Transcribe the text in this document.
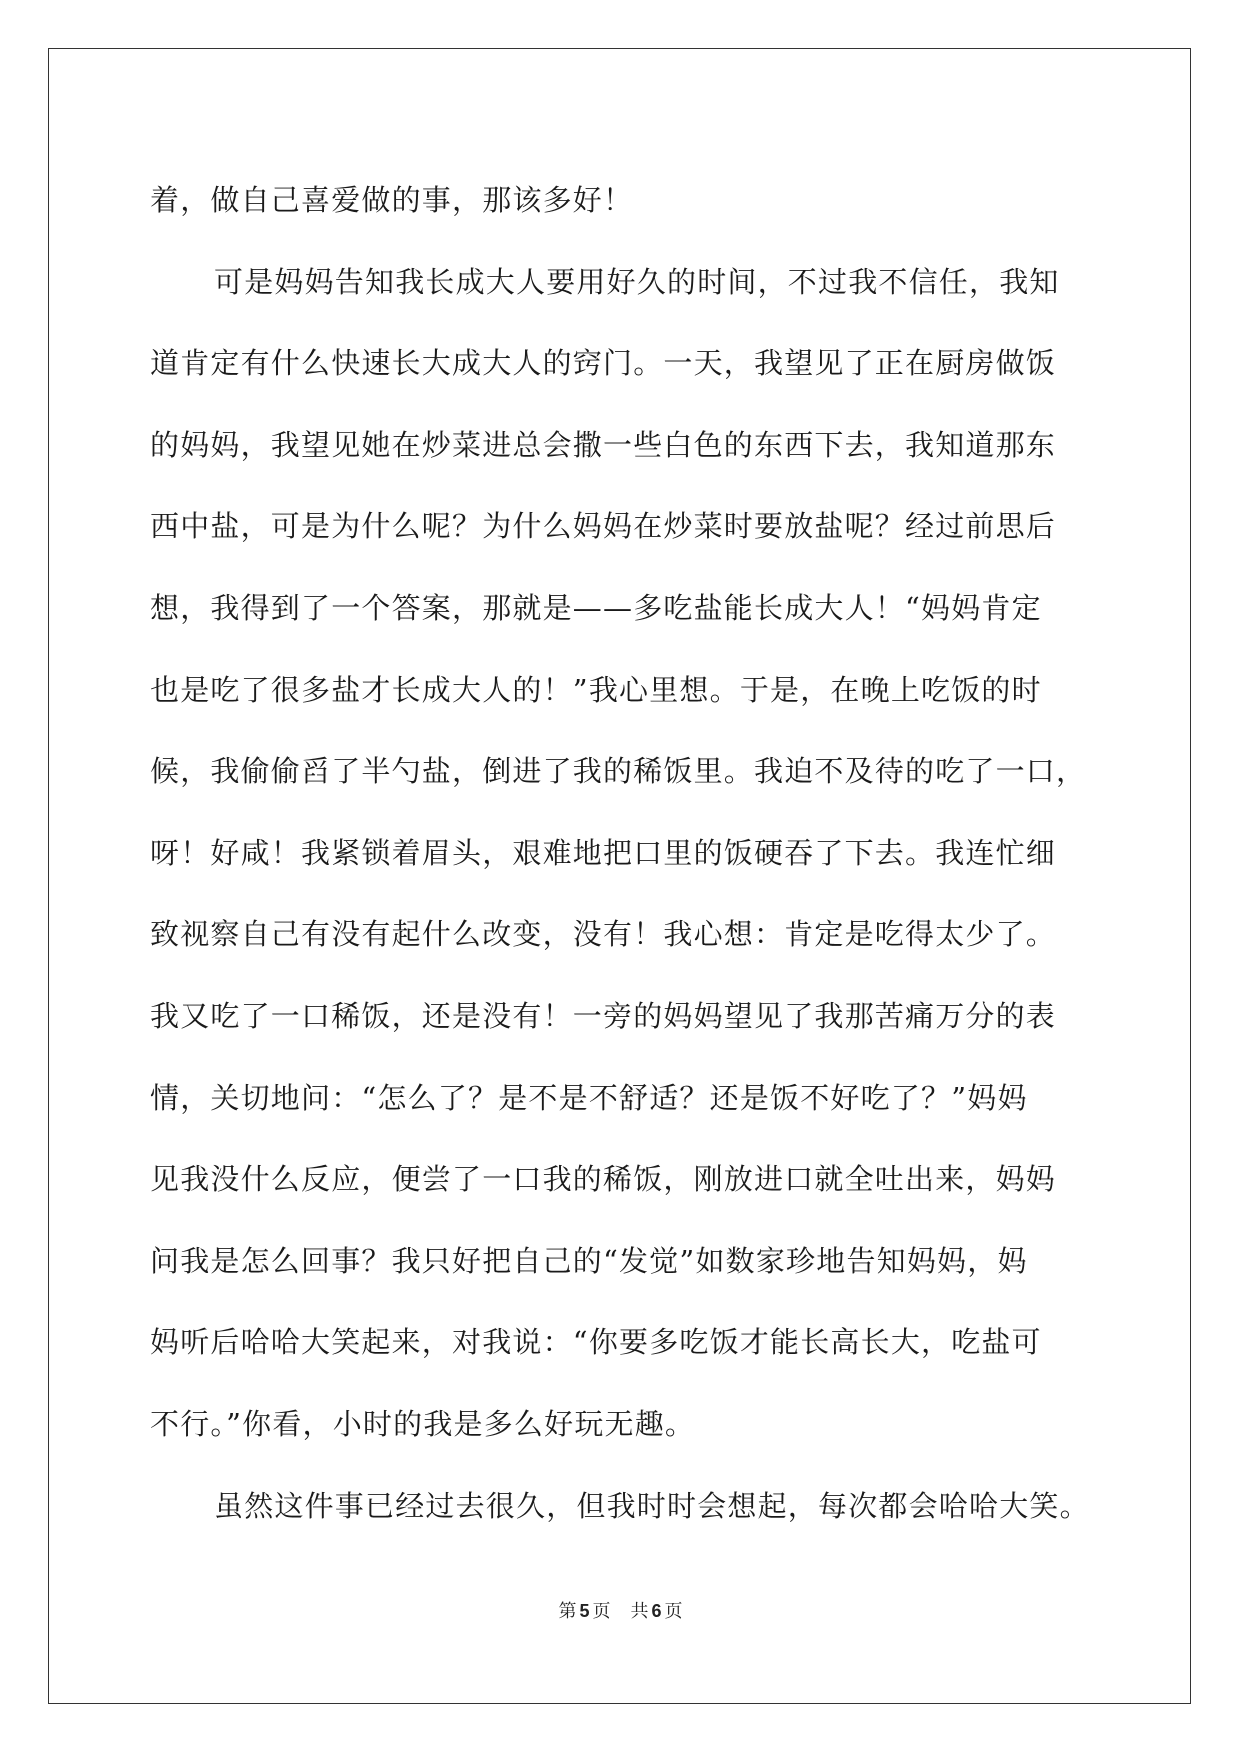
着，做自己喜爱做的事，那该多好！
可是妈妈告知我长成大人要用好久的时间，不过我不信任，我知
道肯定有什么快速长大成大人的窍门。一天，我望见了正在厨房做饭
的妈妈，我望见她在炒菜进总会撒一些白色的东西下去，我知道那东
西中盐，可是为什么呢？为什么妈妈在炒菜时要放盐呢？经过前思后
想，我得到了一个答案，那就是——多吃盐能长成大人！“妈妈肯定
也是吃了很多盐才长成大人的！”我心里想。于是，在晚上吃饭的时
候，我偷偷舀了半勺盐，倒进了我的稀饭里。我迫不及待的吃了一口，
呀！好咸！我紧锁着眉头，艰难地把口里的饭硬吞了下去。我连忙细
致视察自己有没有起什么改变，没有！我心想：肯定是吃得太少了。
我又吃了一口稀饭，还是没有！一旁的妈妈望见了我那苦痛万分的表
情，关切地问：“怎么了？是不是不舒适？还是饭不好吃了？”妈妈
见我没什么反应，便尝了一口我的稀饭，刚放进口就全吐出来，妈妈
问我是怎么回事？我只好把自己的“发觉”如数家珍地告知妈妈，妈
妈听后哈哈大笑起来，对我说：“你要多吃饭才能长高长大，吃盐可
不行。”你看，小时的我是多么好玩无趣。
虽然这件事已经过去很久，但我时时会想起，每次都会哈哈大笑。
第 5 页 共 6 页
